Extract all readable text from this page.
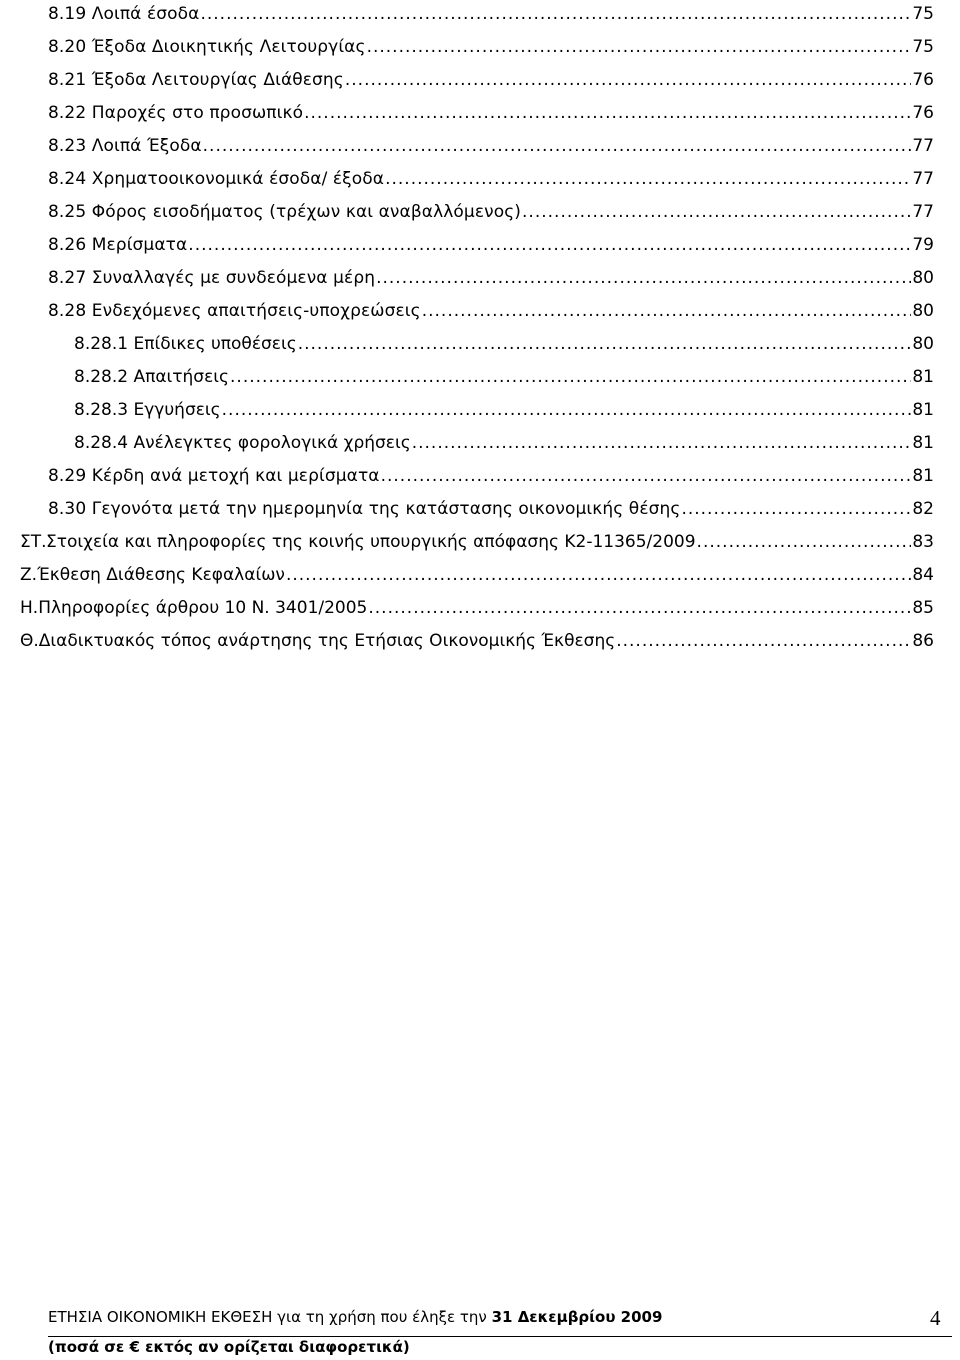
8.19 Λοιπά έσοδα .....	75
8.20 Έξοδα Διοικητικής Λειτουργίας .....	75
8.21 Έξοδα Λειτουργίας Διάθεσης .....	76
8.22 Παροχές στο προσωπικό .....	76
8.23 Λοιπά Έξοδα .....	77
8.24 Χρηματοοικονομικά έσοδα/ έξοδα .....	77
8.25 Φόρος εισοδήματος (τρέχων και αναβαλλόμενος) .....	77
8.26 Μερίσματα .....	79
8.27 Συναλλαγές με συνδεόμενα μέρη .....	80
8.28 Ενδεχόμενες απαιτήσεις-υποχρεώσεις .....	80
8.28.1 Επίδικες υποθέσεις .....	80
8.28.2 Απαιτήσεις .....	81
8.28.3 Εγγυήσεις .....	81
8.28.4 Ανέλεγκτες φορολογικά χρήσεις .....	81
8.29 Κέρδη ανά μετοχή και μερίσματα .....	81
8.30 Γεγονότα μετά την ημερομηνία της κατάστασης οικονομικής θέσης .....	82
ΣΤ. Στοιχεία και πληροφορίες της κοινής υπουργικής απόφασης Κ2-11365/2009 .....	83
Ζ. Έκθεση Διάθεσης Κεφαλαίων .....	84
Η. Πληροφορίες άρθρου 10 Ν. 3401/2005 .....	85
Θ. Διαδικτυακός τόπος ανάρτησης της Ετήσιας Οικονομικής Έκθεσης .....	86
ΕΤΗΣΙΑ ΟΙΚΟΝΟΜΙΚΗ ΕΚΘΕΣΗ για τη χρήση που έληξε την 31 Δεκεμβρίου 2009	4
(ποσά σε € εκτός αν ορίζεται διαφορετικά)
